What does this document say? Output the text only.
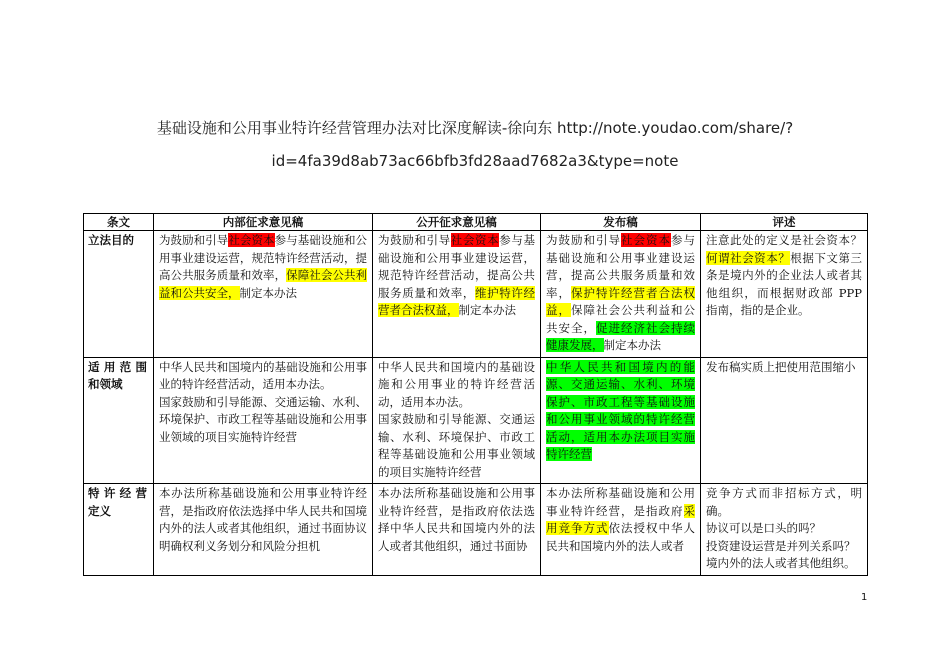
基础设施和公用事业特许经营管理办法对比深度解读-徐向东 http://note.youdao.com/share/?
id=4fa39d8ab73ac66bfb3fd28aad7682a3&type=note
条文	内部征求意见稿	公开征求意见稿	发布稿	评述

立法目的	为鼓励和引导社会资本参与基础设施和公用事业建设运营，规范特许经营活动，提高公共服务质量和效率，保障社会公共利益和公共安全，制定本办法	为鼓励和引导社会资本参与基础设施和公用事业建设运营，规范特许经营活动，提高公共服务质量和效率，维护特许经营者合法权益，制定本办法	为鼓励和引导社会资本参与基础设施和公用事业建设运营，提高公共服务质量和效率，保护特许经营者合法权益，保障社会公共利益和公共安全，促进经济社会持续健康发展，制定本办法	注意此处的定义是社会资本？何谓社会资本？根据下文第三条是境内外的企业法人或者其他组织，而根据财政部 PPP 指南，指的是企业。

适用范围
和领域	中华人民共和国境内的基础设施和公用事业的特许经营活动，适用本办法。
国家鼓励和引导能源、交通运输、水利、环境保护、市政工程等基础设施和公用事业领域的项目实施特许经营	中华人民共和国境内的基础设施和公用事业的特许经营活动，适用本办法。
国家鼓励和引导能源、交通运输、水利、环境保护、市政工程等基础设施和公用事业领域的项目实施特许经营	中华人民共和国境内的能源、交通运输、水利、环境保护、市政工程等基础设施和公用事业领域的特许经营活动，适用本办法项目实施特许经营	发布稿实质上把使用范围缩小

特许经营
定义	本办法所称基础设施和公用事业特许经营，是指政府依法选择中华人民共和国境内外的法人或者其他组织，通过书面协议明确权利义务划分和风险分担机	本办法所称基础设施和公用事业特许经营，是指政府依法选择中华人民共和国境内外的法人或者其他组织，通过书面协	本办法所称基础设施和公用事业特许经营，是指政府采用竞争方式依法授权中华人民共和国境内外的法人或者	竞争方式而非招标方式，明确。
协议可以是口头的吗？
投资建设运营是并列关系吗？
境内外的法人或者其他组织。
1
